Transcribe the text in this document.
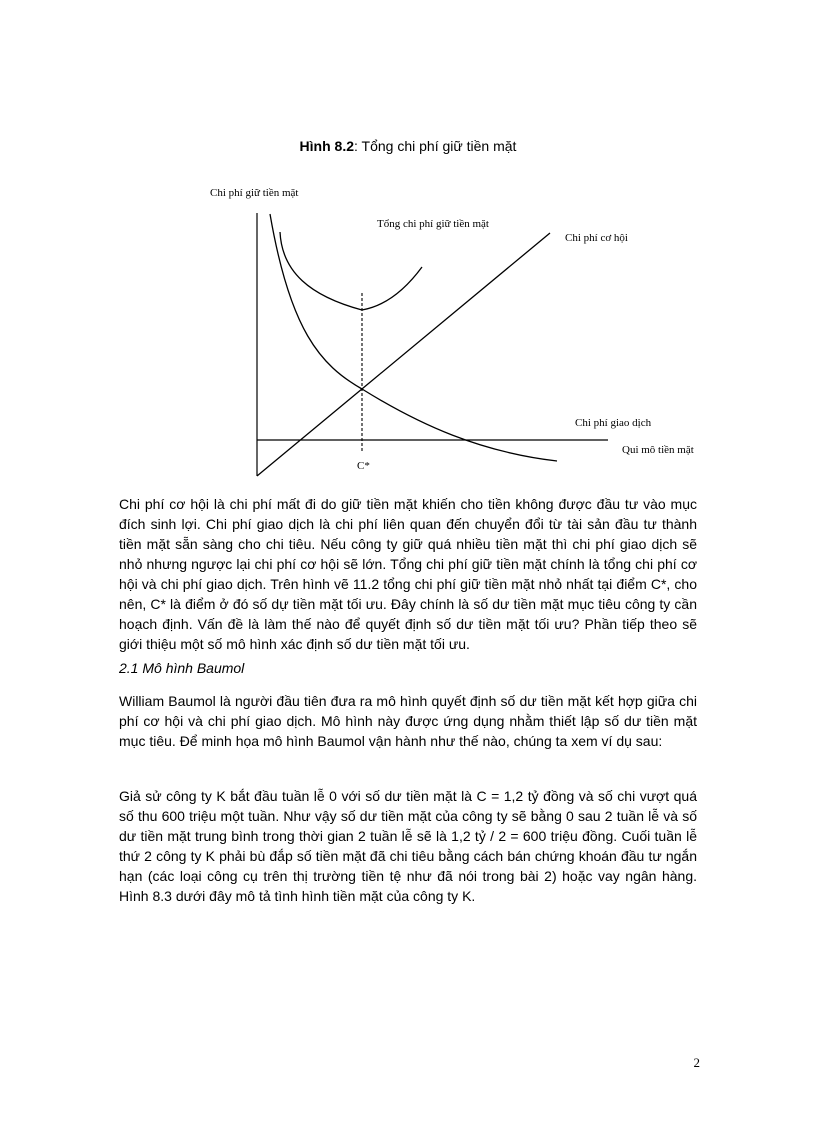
Hình 8.2: Tổng chi phí giữ tiền mặt
Chi phí giữ tiền mặt
Tổng chi phí giữ tiền mặt
Chi phí cơ hội
Chi phí giao dịch
Qui mô tiền mặt
C*

Chi phí cơ hội là chi phí mất đi do giữ tiền mặt khiến cho tiền không được đầu tư vào mục đích sinh lợi. Chi phí giao dịch là chi phí liên quan đến chuyển đổi từ tài sản đầu tư thành tiền mặt sẵn sàng cho chi tiêu. Nếu công ty giữ quá nhiều tiền mặt thì chi phí giao dịch sẽ nhỏ nhưng ngược lại chi phí cơ hội sẽ lớn. Tổng chi phí giữ tiền mặt chính là tổng chi phí cơ hội và chi phí giao dịch. Trên hình vẽ 11.2 tổng chi phí giữ tiền mặt nhỏ nhất tại điểm C*, cho nên, C* là điểm ở đó số dự tiền mặt tối ưu. Đây chính là số dư tiền mặt mục tiêu công ty cần hoạch định. Vấn đề là làm thế nào để quyết định số dư tiền mặt tối ưu? Phần tiếp theo sẽ giới thiệu một số mô hình xác định số dư tiền mặt tối ưu.

2.1 Mô hình Baumol

William Baumol là người đầu tiên đưa ra mô hình quyết định số dư tiền mặt kết hợp giữa chi phí cơ hội và chi phí giao dịch. Mô hình này được ứng dụng nhằm thiết lập số dư tiền mặt mục tiêu. Để minh họa mô hình Baumol vận hành như thế nào, chúng ta xem ví dụ sau:

Giả sử công ty K bắt đầu tuần lễ 0 với số dư tiền mặt là C = 1,2 tỷ đồng và số chi vượt quá số thu 600 triệu một tuần. Như vậy số dư tiền mặt của công ty sẽ bằng 0 sau 2 tuần lễ và số dư tiền mặt trung bình trong thời gian 2 tuần lễ sẽ là 1,2 tỷ / 2 = 600 triệu đồng. Cuối tuần lễ thứ 2 công ty K phải bù đắp số tiền mặt đã chi tiêu bằng cách bán chứng khoán đầu tư ngắn hạn (các loại công cụ trên thị trường tiền tệ như đã nói trong bài 2) hoặc vay ngân hàng. Hình 8.3 dưới đây mô tả tình hình tiền mặt của công ty K.

2
